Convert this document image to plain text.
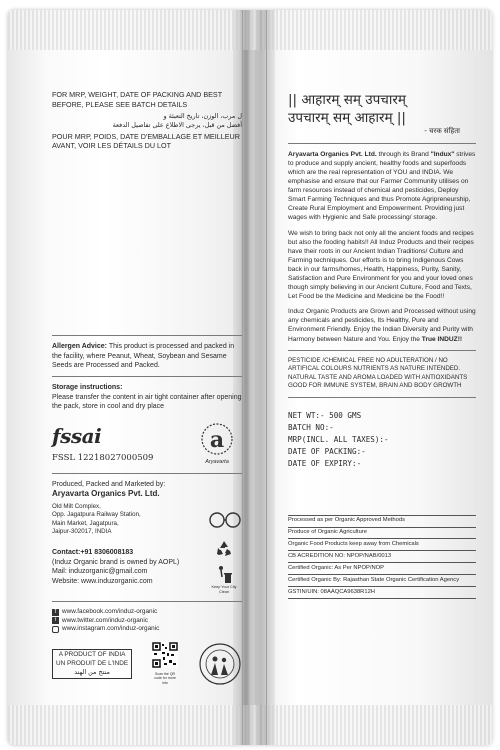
FOR MRP, WEIGHT, DATE OF PACKING AND BEST BEFORE, PLEASE SEE BATCH DETAILS
ل مرب، الوزن، تاريخ التعبئة و
أفضل من قبل، يرجى الاطلاع على تفاصيل الدفعة
POUR MRP, POIDS, DATE D'EMBALLAGE ET MEILLEUR AVANT, VOIR LES DÉTAILS DU LOT
Allergen Advice: This product is processed and packed in the facility, where Peanut, Wheat, Soybean and Sesame Seeds are Processed and Packed.
Storage instructions:
Please transfer the content in air tight container after opening the pack, store in cool and dry place
fssai
FSSL 12218027000509
a
Aryavarta
Produced, Packed and Marketed by:
Aryavarta Organics Pvt. Ltd.
Old Milt Complex,
Opp. Jagatpura Railway Station,
Main Market, Jagatpura,
Jaipur-302017, INDIA
Contact:+91 8306008183
(Induz Organic brand is owned by AOPL)
Mail: induzorganic@gmail.com
Website: www.induzorganic.com
Keep Your City Clean
f www.facebook.com/induz-organic
t www.twitter.com/induz-organic
www.instagram.com/induz-organic
A PRODUCT OF INDIA
UN PRODUIT DE L'INDE
منتج من الهند	Scan the QR code for more info
|| आहारम् सम् उपचारम्
उपचारम् सम् आहारम् ||
- चरक संहिता
Aryavarta Organics Pvt. Ltd. through its Brand "Indux" strives to produce and supply ancient, healthy foods and superfoods which are the real representation of YOU and INDIA. We emphasise and ensure that our Farmer Community utilises on farm resources instead of chemical and pesticides, Deploy Smart Farming Techniques and thus Promote Agripreneurship, Create Rural Employment and Empowerment. Providing just wages with Hygienic and Safe processing/ storage.
We wish to bring back not only all the ancient foods and recipes but also the fooding habits!! All Induz Products and their recipes have their roots in our Ancient Indian Traditions/ Culture and Farming techniques. Our efforts is to bring Indigenous Cows back in our farms/homes, Health, Happiness, Purity, Sanity, Satisfaction and Pure Environment for you and your loved ones though simply believing in our Ancient Culture, Food and Texts, Let Food be the Medicine and Medicine be the Food!!
Induz Organic Products are Grown and Processed without using any chemicals and pesticides, Its Healthy, Pure and Environment Friendly. Enjoy the Indian Diversity and Purity with Harmony between Nature and You. Enjoy the True INDUZ!!
PESTICIDE /CHEMICAL FREE NO ADULTERATION / NO ARTIFICAL COLOURS NUTRIENTS AS NATURE INTENDED. NATURAL TASTE AND AROMA LOADED WITH ANTIOXIDANTS GOOD FOR IMMUNE SYSTEM, BRAIN AND BODY GROWTH
NET WT:- 500 GMS
BATCH NO:-
MRP(INCL. ALL TAXES):-
DATE OF PACKING:-
DATE OF EXPIRY:-
Processed as per Organic Approved Methods
Produce of Organic Agriculture
Organic Food Products keep away from Chemicals
CB ACREDITION NO: NPOP/NAB/0013
Certified Organic: As Per NPOP/NOP
Certified Organic By: Rajasthan State Organic Certification Agency
GSTIN/UIN: 08AAQCA9638R12H
